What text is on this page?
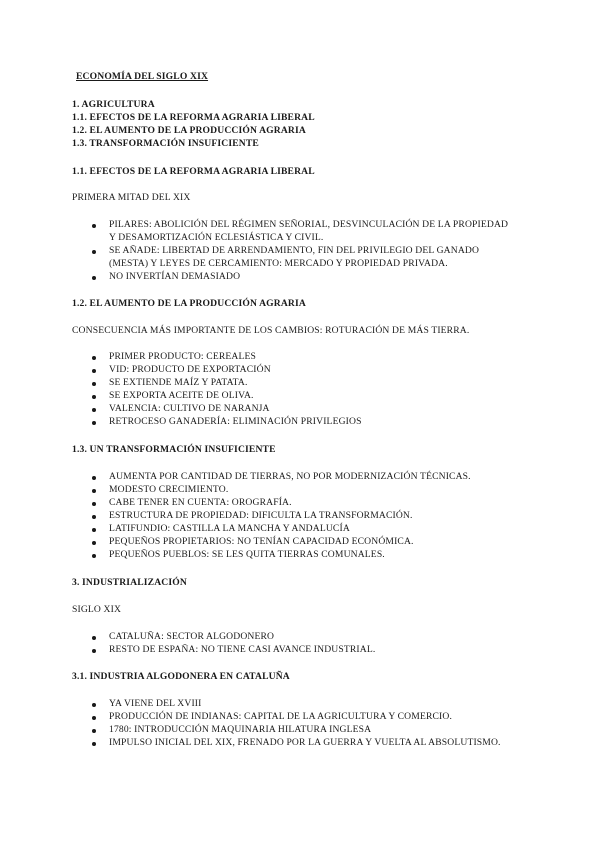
ECONOMÍA DEL SIGLO XIX
1. AGRICULTURA
1.1. EFECTOS DE LA REFORMA AGRARIA LIBERAL
1.2. EL AUMENTO DE LA PRODUCCIÓN AGRARIA
1.3. TRANSFORMACIÓN INSUFICIENTE
1.1. EFECTOS DE LA REFORMA AGRARIA LIBERAL
PRIMERA MITAD DEL XIX
PILARES: ABOLICIÓN DEL RÉGIMEN SEÑORIAL, DESVINCULACIÓN DE LA PROPIEDAD
Y DESAMORTIZACIÓN ECLESIÁSTICA Y CIVIL.
SE AÑADE: LIBERTAD DE ARRENDAMIENTO, FIN DEL PRIVILEGIO DEL GANADO
(MESTA) Y LEYES DE CERCAMIENTO: MERCADO Y PROPIEDAD PRIVADA.
NO INVERTÍAN DEMASIADO
1.2. EL AUMENTO DE LA PRODUCCIÓN AGRARIA
CONSECUENCIA MÁS IMPORTANTE DE LOS CAMBIOS: ROTURACIÓN DE MÁS TIERRA.
PRIMER PRODUCTO: CEREALES
VID: PRODUCTO DE EXPORTACIÓN
SE EXTIENDE MAÍZ Y PATATA.
SE EXPORTA ACEITE DE OLIVA.
VALENCIA: CULTIVO DE NARANJA
RETROCESO GANADERÍA: ELIMINACIÓN PRIVILEGIOS
1.3. UN TRANSFORMACIÓN INSUFICIENTE
AUMENTA POR CANTIDAD DE TIERRAS, NO POR MODERNIZACIÓN TÉCNICAS.
MODESTO CRECIMIENTO.
CABE TENER EN CUENTA: OROGRAFÍA.
ESTRUCTURA DE PROPIEDAD: DIFICULTA LA TRANSFORMACIÓN.
LATIFUNDIO: CASTILLA LA MANCHA Y ANDALUCÍA
PEQUEÑOS PROPIETARIOS: NO TENÍAN CAPACIDAD ECONÓMICA.
PEQUEÑOS PUEBLOS: SE LES QUITA TIERRAS COMUNALES.
3. INDUSTRIALIZACIÓN
SIGLO XIX
CATALUÑA: SECTOR ALGODONERO
RESTO DE ESPAÑA: NO TIENE CASI AVANCE INDUSTRIAL.
3.1. INDUSTRIA ALGODONERA EN CATALUÑA
YA VIENE DEL XVIII
PRODUCCIÓN DE INDIANAS: CAPITAL DE LA AGRICULTURA Y COMERCIO.
1780: INTRODUCCIÓN MAQUINARIA HILATURA INGLESA
IMPULSO INICIAL DEL XIX, FRENADO POR LA GUERRA Y VUELTA AL ABSOLUTISMO.
